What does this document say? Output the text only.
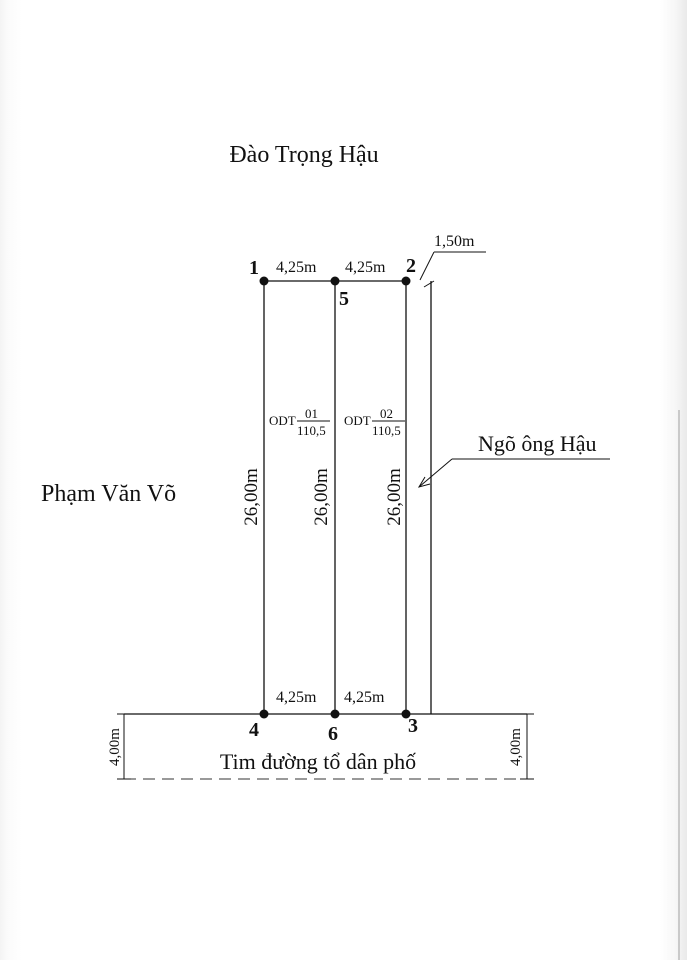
Đào Trọng Hậu
Phạm Văn Võ
Ngõ ông Hậu
Tim đường tổ dân phố
1	2
5
4	6	3
4,25m 4,25m
4,25m 4,25m
1,50m
26,00m	26,00m	26,00m
4,00m	4,00m
ODT 01
110,5
ODT 02
110,5
